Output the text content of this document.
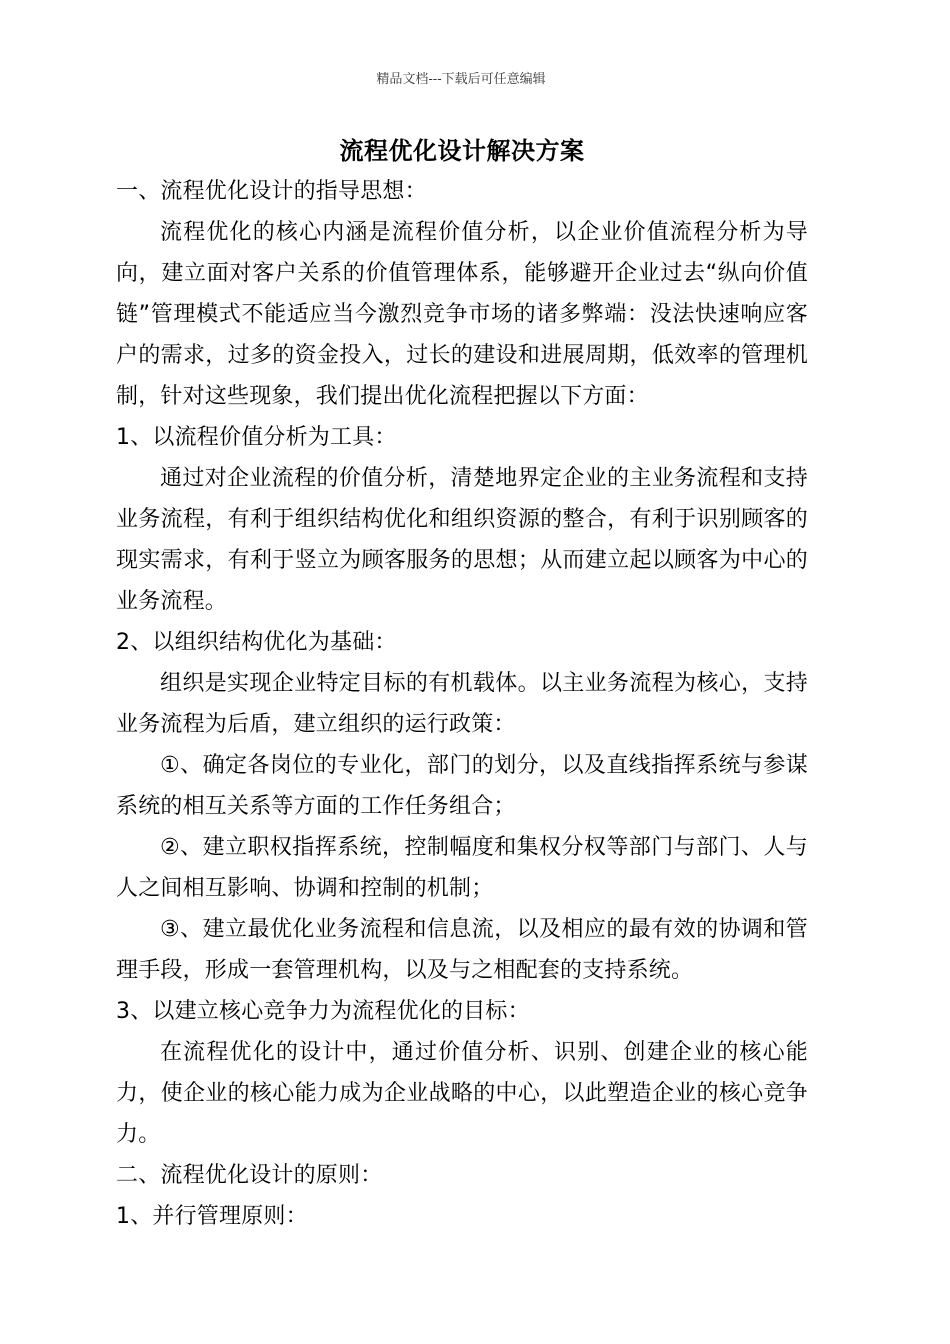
精品文档---下载后可任意编辑
流程优化设计解决方案

一、流程优化设计的指导思想：

流程优化的核心内涵是流程价值分析，以企业价值流程分析为导向，建立面对客户关系的价值管理体系，能够避开企业过去“纵向价值链”管理模式不能适应当今激烈竞争市场的诸多弊端：没法快速响应客户的需求，过多的资金投入，过长的建设和进展周期，低效率的管理机制，针对这些现象，我们提出优化流程把握以下方面：

1、以流程价值分析为工具：

通过对企业流程的价值分析，清楚地界定企业的主业务流程和支持业务流程，有利于组织结构优化和组织资源的整合，有利于识别顾客的现实需求，有利于竖立为顾客服务的思想；从而建立起以顾客为中心的业务流程。

2、以组织结构优化为基础：

组织是实现企业特定目标的有机载体。以主业务流程为核心，支持业务流程为后盾，建立组织的运行政策：

①、确定各岗位的专业化，部门的划分，以及直线指挥系统与参谋系统的相互关系等方面的工作任务组合；

②、建立职权指挥系统，控制幅度和集权分权等部门与部门、人与人之间相互影响、协调和控制的机制；

③、建立最优化业务流程和信息流，以及相应的最有效的协调和管理手段，形成一套管理机构，以及与之相配套的支持系统。

3、以建立核心竞争力为流程优化的目标：

在流程优化的设计中，通过价值分析、识别、创建企业的核心能力，使企业的核心能力成为企业战略的中心，以此塑造企业的核心竞争力。

二、流程优化设计的原则：

1、并行管理原则：
